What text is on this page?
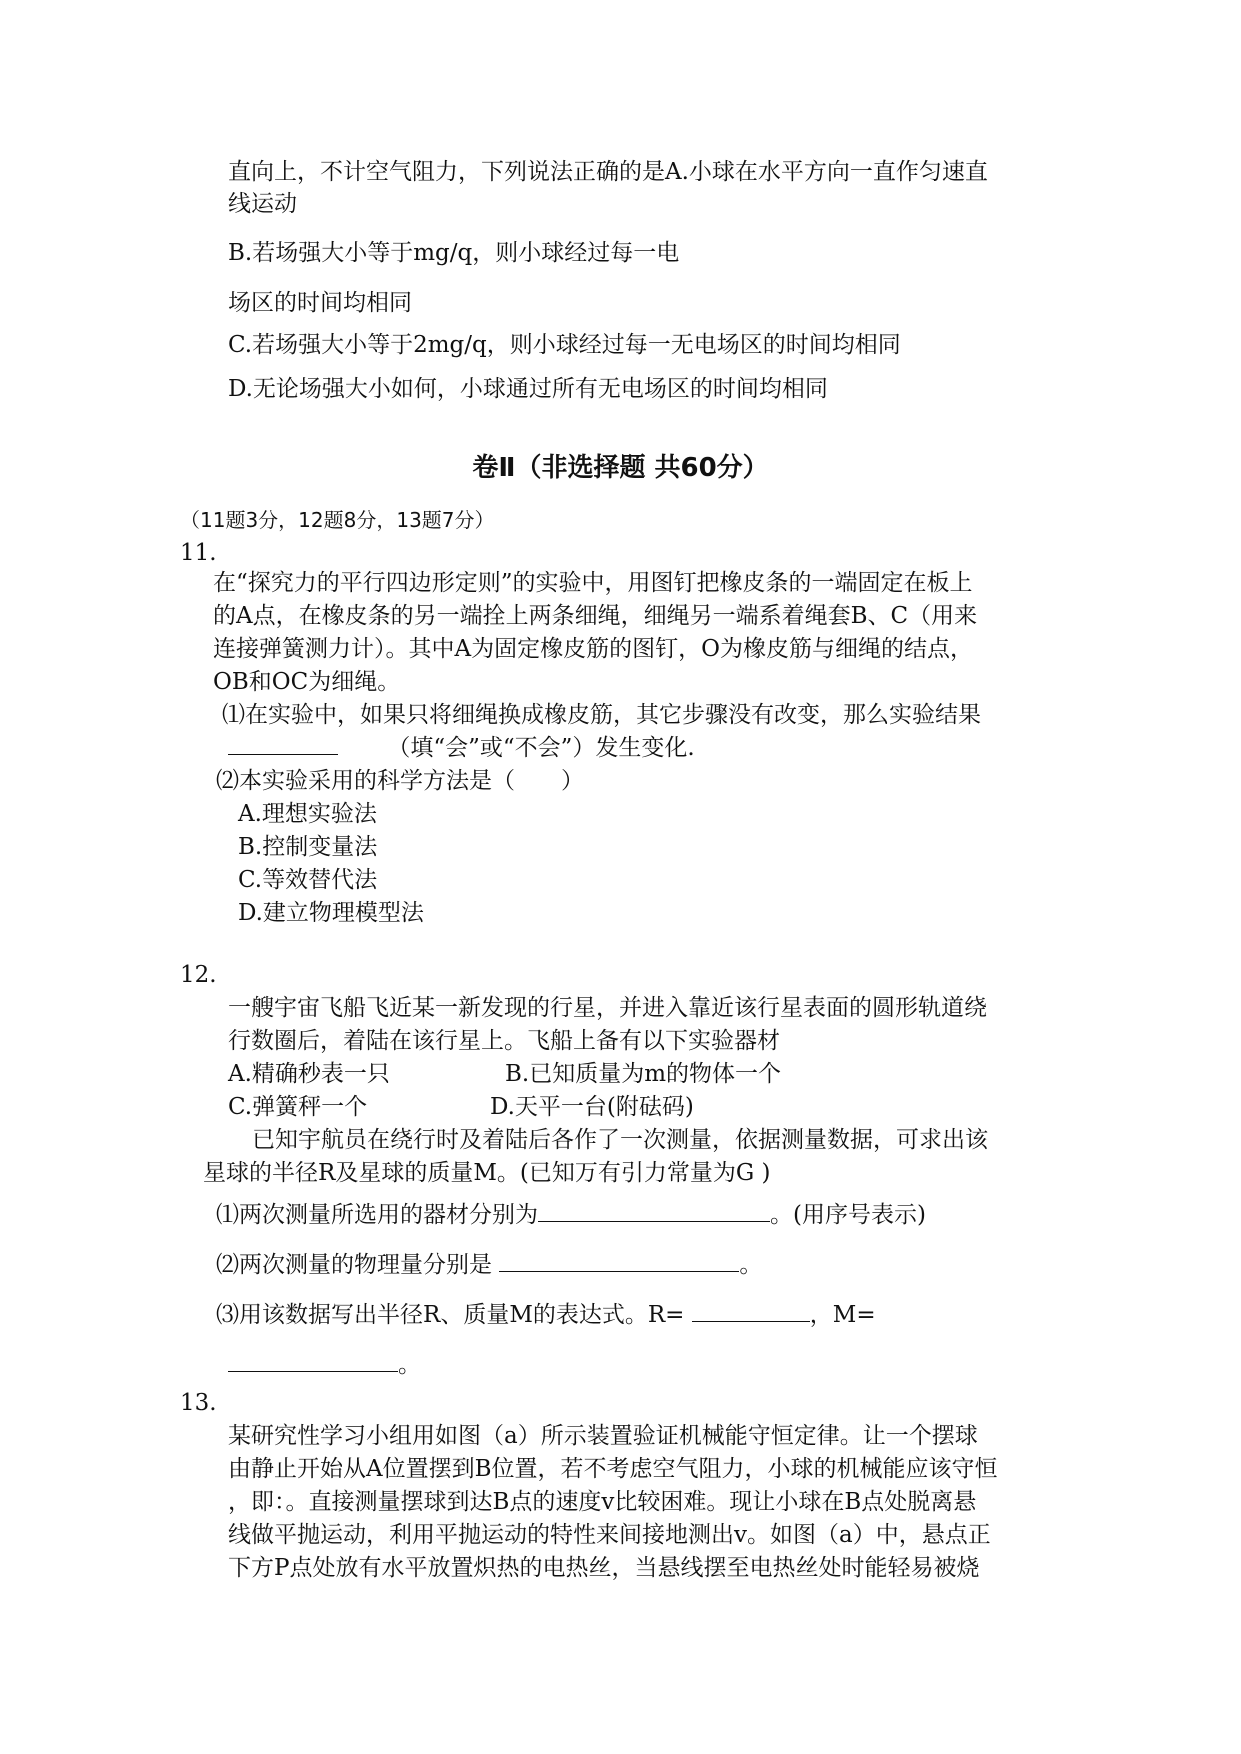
直向上，不计空气阻力，下列说法正确的是A.小球在水平方向一直作匀速直
线运动
B.若场强大小等于mg/q，则小球经过每一电
场区的时间均相同
C.若场强大小等于2mg/q，则小球经过每一无电场区的时间均相同
D.无论场强大小如何，小球通过所有无电场区的时间均相同
卷Ⅱ（非选择题 共60分）
（11题3分，12题8分，13题7分）
11.
在“探究力的平行四边形定则”的实验中，用图钉把橡皮条的一端固定在板上
的A点，在橡皮条的另一端拴上两条细绳，细绳另一端系着绳套B、C（用来
连接弹簧测力计）。其中A为固定橡皮筋的图钉，O为橡皮筋与细绳的结点，
OB和OC为细绳。
⑴在实验中，如果只将细绳换成橡皮筋，其它步骤没有改变，那么实验结果
（填“会”或“不会”）发生变化.
⑵本实验采用的科学方法是（　　）
A.理想实验法
B.控制变量法
C.等效替代法
D.建立物理模型法
12.
一艘宇宙飞船飞近某一新发现的行星，并进入靠近该行星表面的圆形轨道绕
行数圈后，着陆在该行星上。飞船上备有以下实验器材
A.精确秒表一只	B.已知质量为m的物体一个
C.弹簧秤一个	D.天平一台(附砝码)
已知宇航员在绕行时及着陆后各作了一次测量，依据测量数据，可求出该
星球的半径R及星球的质量M。(已知万有引力常量为G )
⑴两次测量所选用的器材分别为	。(用序号表示)
⑵两次测量的物理量分别是	。
⑶用该数据写出半径R、质量M的表达式。R=	，M=
。
13.
某研究性学习小组用如图（a）所示装置验证机械能守恒定律。让一个摆球
由静止开始从A位置摆到B位置，若不考虑空气阻力，小球的机械能应该守恒
，即：。直接测量摆球到达B点的速度v比较困难。现让小球在B点处脱离悬
线做平抛运动，利用平抛运动的特性来间接地测出v。如图（a）中，悬点正
下方P点处放有水平放置炽热的电热丝，当悬线摆至电热丝处时能轻易被烧
